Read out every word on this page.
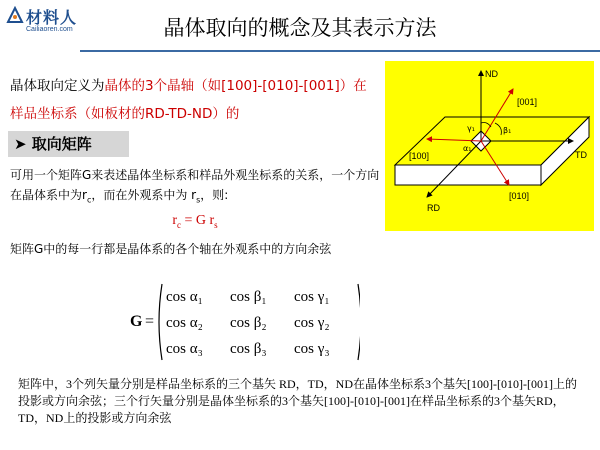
材料人
Cailiaoren.com	晶体取向的概念及其表示方法
晶体取向定义为晶体的3个晶轴（如[100]-[010]-[001]）在样品坐标系（如板材的RD-TD-ND）的
➤ 取向矩阵
可用一个矩阵G来表述晶体坐标系和样品外观坐标系的关系，一个方向在晶体系中为$r_c$，而在外观系中为 $r_s$，则:
$r_c = G$ $r_s$
矩阵G中的每一行都是晶体系的各个轴在外观系中的方向余弦
G =
cos α₁	cos β₁	cos γ₁
cos α₂	cos β₂	cos γ₂
cos α₃	cos β₃	cos γ₃
矩阵中，3个列矢量分别是样品坐标系的三个基矢 RD，TD，ND在晶体坐标系3个基矢[100]-[010]-[001]上的投影或方向余弦；三个行矢量分别是晶体坐标系的3个基矢[100]-[010]-[001]在样品坐标系的3个基矢RD，TD，ND上的投影或方向余弦
ND
TD
RD
[001]
[100]
[010]
γ₁	β₁
α₁
